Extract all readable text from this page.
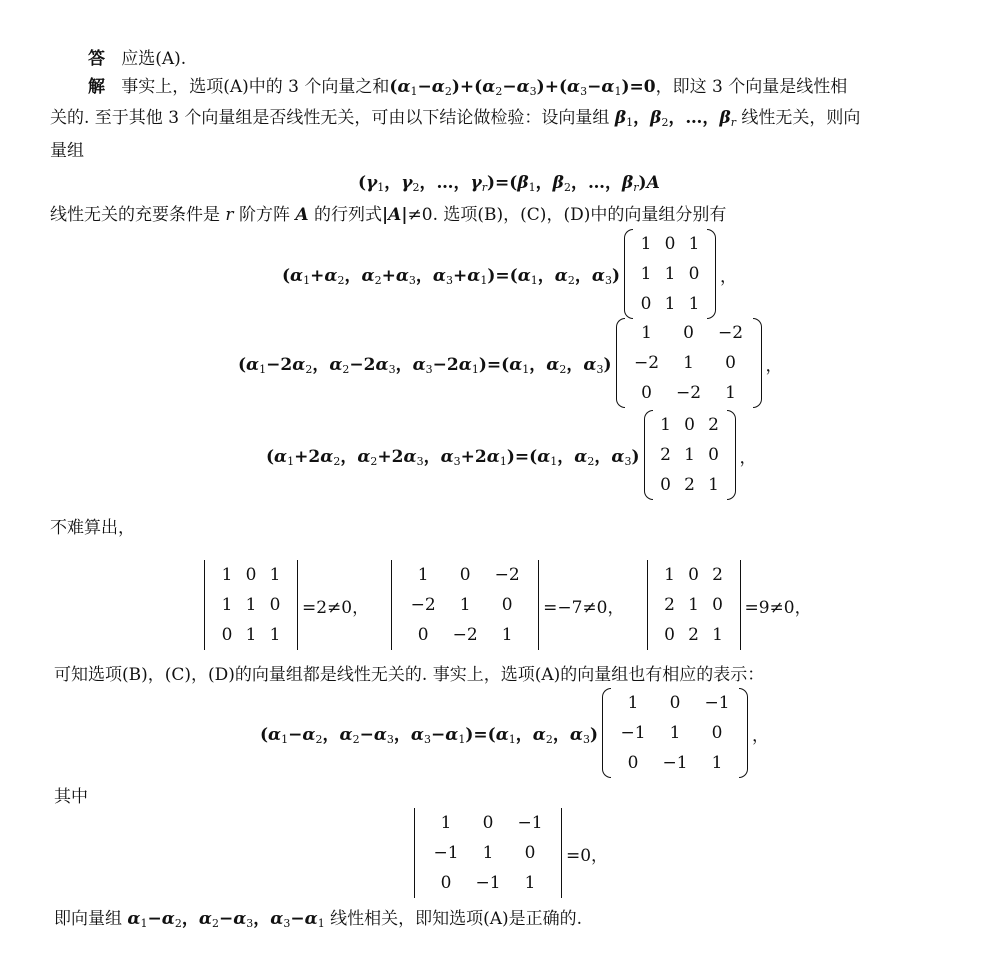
答 应选(A).
解 事实上，选项(A)中的 3 个向量之和$(\alpha_1-\alpha_2)+(\alpha_2-\alpha_3)+(\alpha_3-\alpha_1)=0$，即这 3 个向量是线性相
关的. 至于其他 3 个向量组是否线性无关，可由以下结论做检验：设向量组 $\beta_1$，$\beta_2$，…，$\beta_r$ 线性无关，则向
量组
($\gamma_1$，$\gamma_2$，…，$\gamma_r)=(\beta_1$，$\beta_2$，…，$\beta_r)A$
线性无关的充要条件是 r 阶方阵 A 的行列式|A|≠0. 选项(B)，(C)，(D)中的向量组分别有
($\alpha_1+\alpha_2$，$\alpha_2+\alpha_3$，$\alpha_3+\alpha_1)=(\alpha_1$，$\alpha_2$，$\alpha_3$)
1	0	1
1	1	0
0	1	1
，
($\alpha_1-2\alpha_2$，$\alpha_2-2\alpha_3$，$\alpha_3-2\alpha_1)=(\alpha_1$，$\alpha_2$，$\alpha_3$)
1	0	−2
−2	1	0
0	−2	1
，
($\alpha_1+2\alpha_2$，$\alpha_2+2\alpha_3$，$\alpha_3+2\alpha_1)=(\alpha_1$，$\alpha_2$，$\alpha_3$)
1	0	2
2	1	0
0	2	1
，
不难算出，
1	0	1
1	1	0
0	1	1
=2≠0，
1	0	−2
−2	1	0
0	−2	1
=−7≠0，
1	0	2
2	1	0
0	2	1
=9≠0，
可知选项(B)，(C)，(D)的向量组都是线性无关的. 事实上，选项(A)的向量组也有相应的表示：
($\alpha_1-\alpha_2$，$\alpha_2-\alpha_3$，$\alpha_3-\alpha_1)=(\alpha_1$，$\alpha_2$，$\alpha_3$)
1	0	−1
−1	1	0
0	−1	1
，
其中
1	0	−1
−1	1	0
0	−1	1
=0，
即向量组 $\alpha_1-\alpha_2$，$\alpha_2-\alpha_3$，$\alpha_3-\alpha_1$ 线性相关，即知选项(A)是正确的.
